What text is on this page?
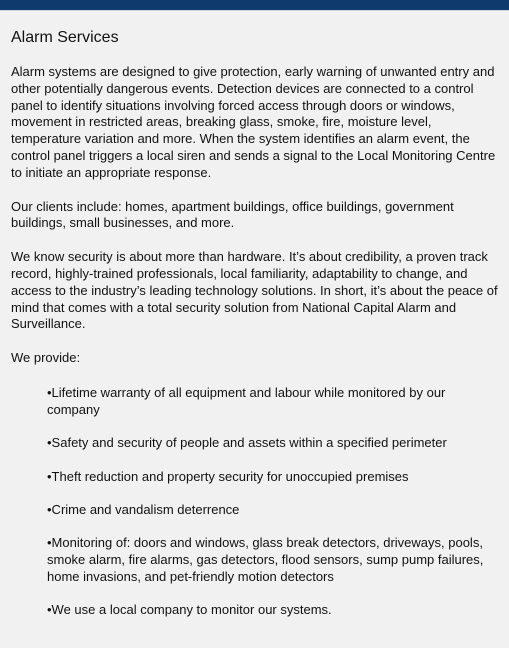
Alarm Services

Alarm systems are designed to give protection, early warning of unwanted entry and other potentially dangerous events. Detection devices are connected to a control panel to identify situations involving forced access through doors or windows, movement in restricted areas, breaking glass, smoke, fire, moisture level, temperature variation and more. When the system identifies an alarm event, the control panel triggers a local siren and sends a signal to the Local Monitoring Centre to initiate an appropriate response.

Our clients include: homes, apartment buildings, office buildings, government buildings, small businesses, and more.

We know security is about more than hardware. It’s about credibility, a proven track record, highly-trained professionals, local familiarity, adaptability to change, and access to the industry’s leading technology solutions. In short, it’s about the peace of mind that comes with a total security solution from National Capital Alarm and Surveillance.

We provide:

•Lifetime warranty of all equipment and labour while monitored by our company
•Safety and security of people and assets within a specified perimeter
•Theft reduction and property security for unoccupied premises
•Crime and vandalism deterrence
•Monitoring of: doors and windows, glass break detectors, driveways, pools, smoke alarm, fire alarms, gas detectors, flood sensors, sump pump failures, home invasions, and pet-friendly motion detectors
•We use a local company to monitor our systems.
